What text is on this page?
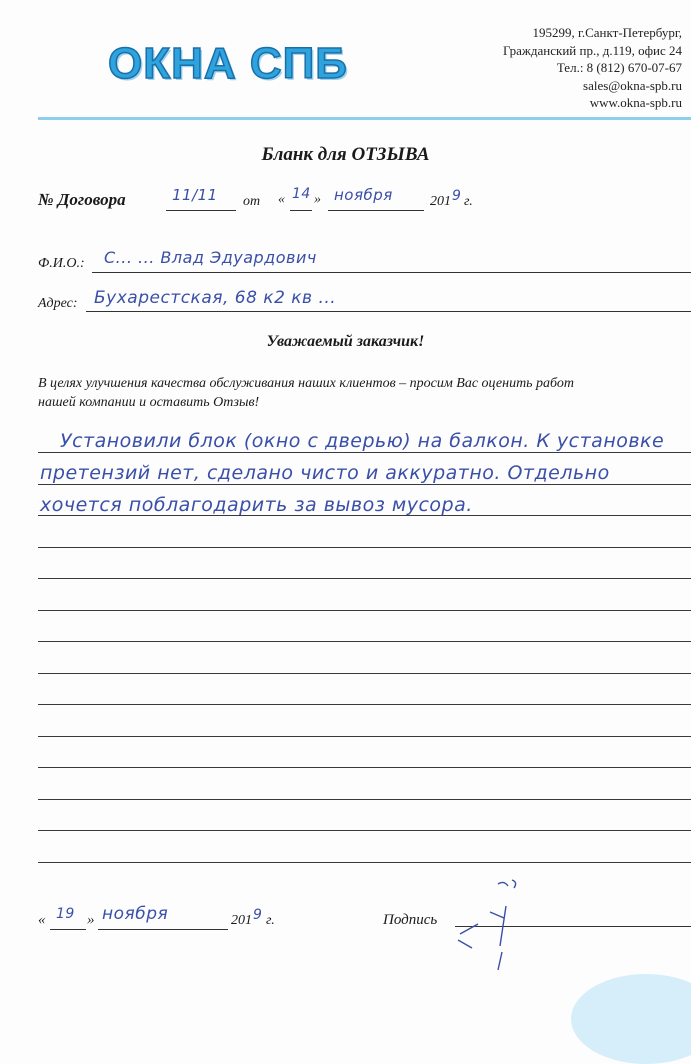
ОКНА СПБ
195299, г.Санкт-Петербург,
Гражданский пр., д.119, офис 24
Тел.: 8 (812) 670-07-67
sales@okna-spb.ru
www.okna-spb.ru
Бланк для ОТЗЫВА
№ Договора	11/11 от « 14 » ноября	201 9 г.
Ф.И.О.: С... ... Влад Эдуардович
Адрес: Бухарестская, 68 к2 кв ...
Уважаемый заказчик!
В целях улучшения качества обслуживания наших клиентов – просим Вас оценить работ
нашей компании и оставить Отзыв!
Установили блок (окно с дверью) на балкон. К установке
претензий нет, сделано чисто и аккуратно. Отдельно
хочется поблагодарить за вывоз мусора.
« 19 » ноября	201 9 г.	Подпись
